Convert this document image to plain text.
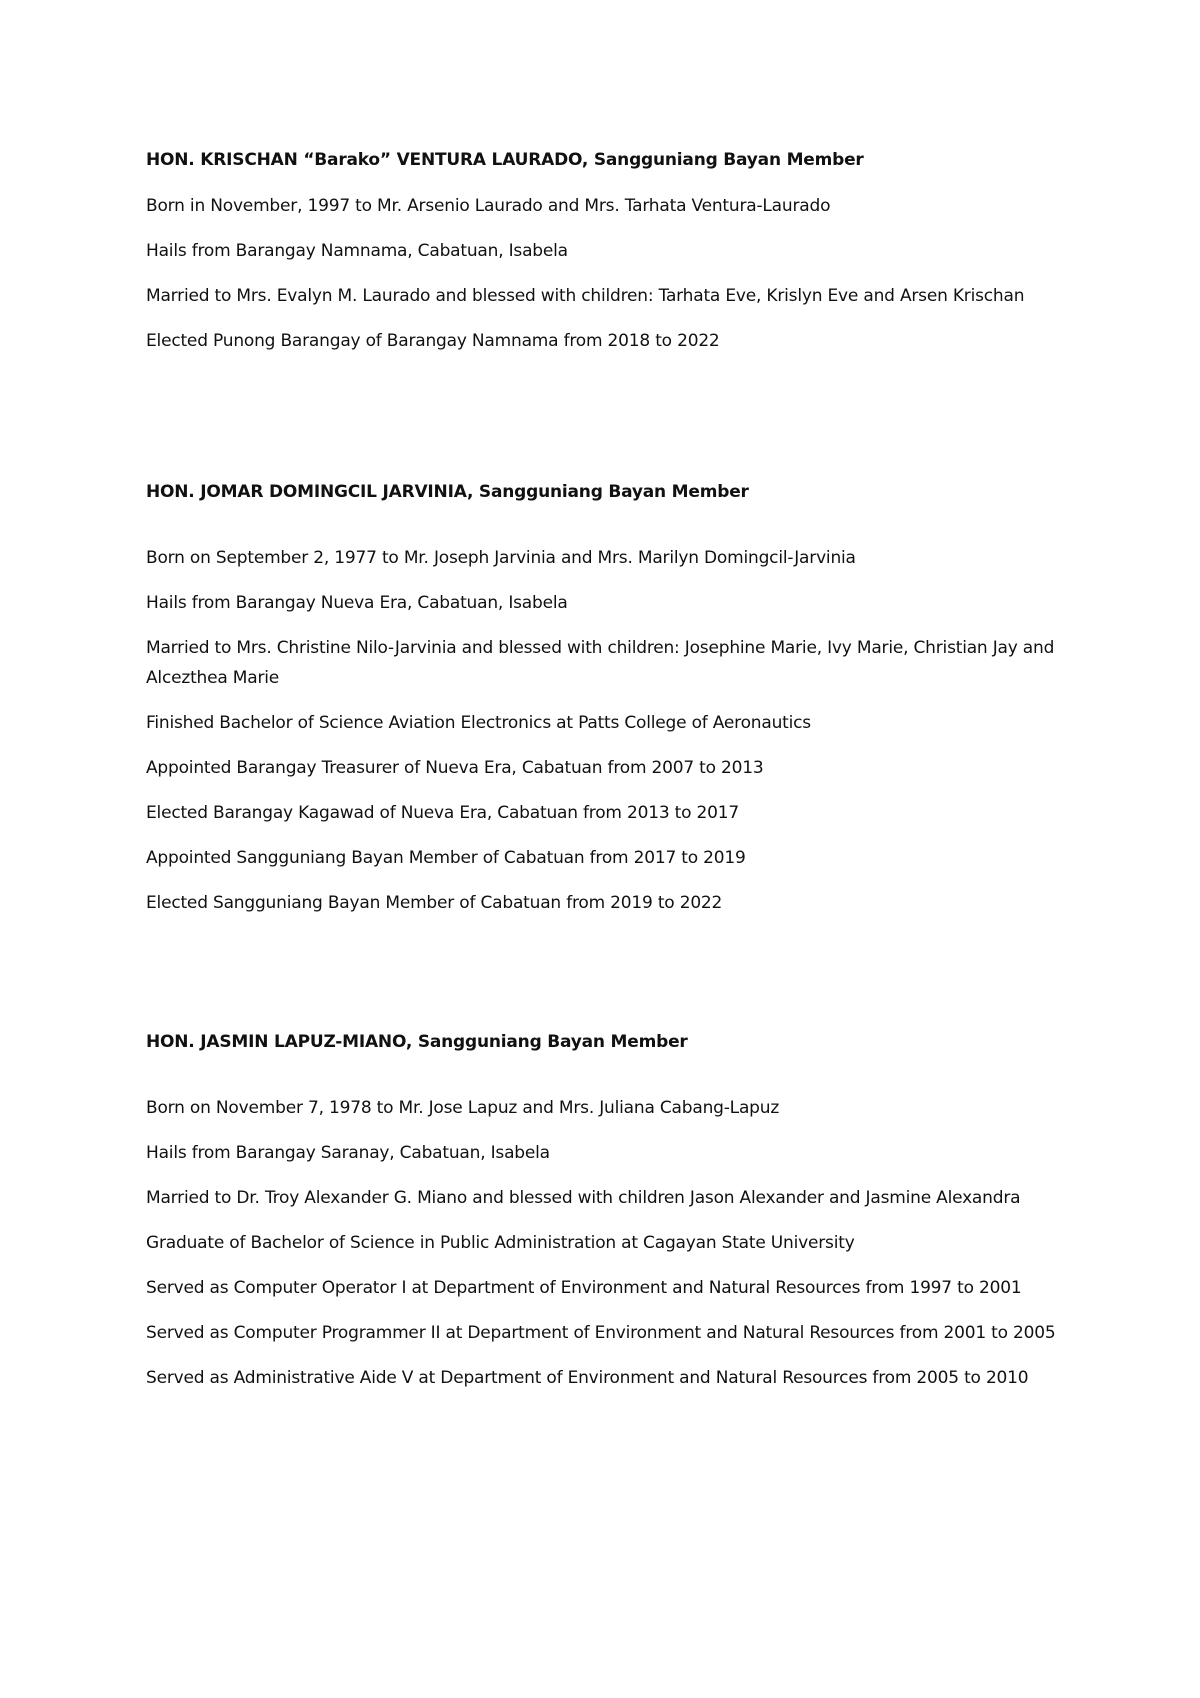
HON. KRISCHAN “Barako” VENTURA LAURADO, Sangguniang Bayan Member

Born in November, 1997 to Mr. Arsenio Laurado and Mrs. Tarhata Ventura-Laurado

Hails from Barangay Namnama, Cabatuan, Isabela

Married to Mrs. Evalyn M. Laurado and blessed with children: Tarhata Eve, Krislyn Eve and Arsen Krischan

Elected Punong Barangay of Barangay Namnama from 2018 to 2022

HON. JOMAR DOMINGCIL JARVINIA, Sangguniang Bayan Member

Born on September 2, 1977 to Mr. Joseph Jarvinia and Mrs. Marilyn Domingcil-Jarvinia

Hails from Barangay Nueva Era, Cabatuan, Isabela

Married to Mrs. Christine Nilo-Jarvinia and blessed with children: Josephine Marie, Ivy Marie, Christian Jay and Alcezthea Marie

Finished Bachelor of Science Aviation Electronics at Patts College of Aeronautics

Appointed Barangay Treasurer of Nueva Era, Cabatuan from 2007 to 2013

Elected Barangay Kagawad of Nueva Era, Cabatuan from 2013 to 2017

Appointed Sangguniang Bayan Member of Cabatuan from 2017 to 2019

Elected Sangguniang Bayan Member of Cabatuan from 2019 to 2022

HON. JASMIN LAPUZ-MIANO, Sangguniang Bayan Member

Born on November 7, 1978 to Mr. Jose Lapuz and Mrs. Juliana Cabang-Lapuz

Hails from Barangay Saranay, Cabatuan, Isabela

Married to Dr. Troy Alexander G. Miano and blessed with children Jason Alexander and Jasmine Alexandra

Graduate of Bachelor of Science in Public Administration at Cagayan State University

Served as Computer Operator I at Department of Environment and Natural Resources from 1997 to 2001

Served as Computer Programmer II at Department of Environment and Natural Resources from 2001 to 2005

Served as Administrative Aide V at Department of Environment and Natural Resources from 2005 to 2010
